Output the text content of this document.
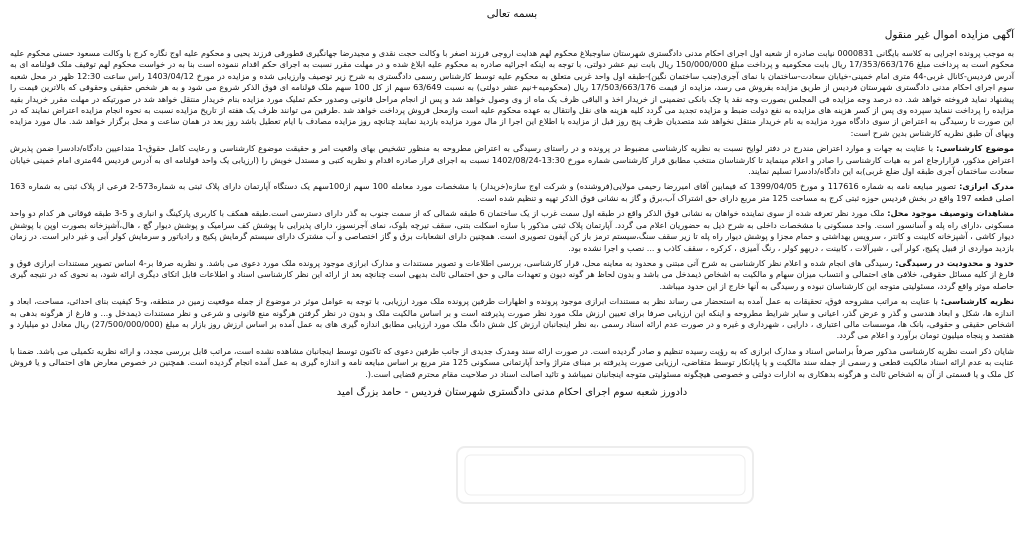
بسمه تعالی
آگهی مزایده اموال غیر منقول
به موجب پرونده اجرایی به کلاسه بایگانی 0000831 نیابت صادره از شعبه اول اجرای احکام مدنی دادگستری شهرستان ساوجبلاغ محکوم لهم هدایت اروجی فرزند اصغر با وکالت حجت نقدی و مجیدرضا جهانگیری قطورقی فرزند یحیی و محکوم علیه اوج نگاره کرج با وکالت مسعود حسنی محکوم علیه محکوم است به پرداخت مبلغ 17/353/663/176 ریال بابت محکومیه و پرداخت مبلغ 150/000/000 ریال بابت نیم عشر دولتی، با توجه به اینکه اجرائیه صادره به محکوم علیه ابلاغ شده و در مهلت مقرر نسبت به اجرای حکم اقدام ننموده است بنا به در خواست محکوم لهم توقیف ملک قولنامه ای به آدرس فردیس-کانال غربی-44 متری امام خمینی-خیابان سعادت-ساختمان با نمای آجری(جنب ساختمان نگین)-طبقه اول واحد غربی متعلق به محکوم علیه توسط کارشناس رسمی دادگستری به شرح زیر توصیف وارزیابی شده و مزایده در مورخ 1403/04/12 راس ساعت 12:30 ظهر در محل شعبه سوم اجرای احکام مدنی دادگستری شهرستان فردیس از طریق مزایده بفروش می رسد، مزایده از قیمت 17/503/663/176 ریال (محکومیه+نیم عشر دولتی) به نسبت 63/649 سهم از کل 100 سهم ملک قولنامه ای فوق الذکر شروع می شود و به هر شخص حقیقی وحقوقی که بالاترین قیمت را پیشنهاد نماید فروخته خواهد شد. ده درصد وجه مزایده فی المجلس بصورت وجه نقد یا چک بانکی تضمینی از خریدار اخذ و الباقی ظرف یک ماه از وی وصول خواهد شد و پس از انجام مراحل قانونی وصدور حکم تملیک مورد مزایده بنام خریدار منتقل خواهد شد در صورتیکه در مهلت مقرر خریدار بقیه مزایده را پرداخت ننماید سپرده وی پس از کسر هزینه های مزایده به نفع دولت ضبط و مزایده تجدید می گردد کلیه هزینه های نقل وانتقال به عهده محکوم علیه است وازمحل فروش پرداخت خواهد شد .طرفین می توانند ظرف یک هفته از تاریخ مزایده نسبت به نحوه انجام مزایده اعتراض نمایند که در این صورت تا رسیدگی به اعتراض از سوی دادگاه مورد مزایده به نام خریدار منتقل نخواهد شد متصدیان ظرف پنج روز قبل از مزایده با اطلاع این اجرا از مال مورد مزایده بازدید نمایند چنانچه روز مزایده مصادف با ایام تعطیل باشد روز بعد در همان ساعت و محل برگزار خواهد شد. مال مورد مزایده وبهای آن طبق نظریه کارشناس بدین شرح است:
موضوع کارشناسی: با عنایت به جهات و موارد اعتراض مندرج در دفتر لوایح نسبت به نظریه کارشناسی مضبوط در پرونده و در راستای رسیدگی به اعتراض مطروحه به منظور تشخیص بهای واقعیت امر و حقیقت موضوع کارشناسی و رعایت کامل حقوق-1 متداعیین دادگاه/دادسرا ضمن پذیرش اعتراض مذکور، قرارارجاع امر به هیات کارشناسی را صادر و اعلام مینماید تا کارشناسان منتخب مطابق قرار کارشناسی شماره مورخ 13:30-1402/08/24 نسبت به اجرای قرار صادره اقدام و نظریه کتبی و مستدل خویش را (ارزیابی یک واحد قولنامه ای به آدرس فردیس 44متری امام خمینی خیابان سعادت ساختمان آجری طبقه اول ضلع غربی)به این دادگاه/دادسرا تسلیم نمایند.
مدرک ابرازی: تصویر مبایعه نامه به شماره 117616 و مورخ 1399/04/05 که فیمابین آقای امیررضا رحیمی مولایی(فروشنده) و شرکت اوج سازه(خریدار) با مشخصات مورد معامله 100 سهم از100سهم یک دستگاه آپارتمان دارای پلاک ثبتی به شماره573-2 فرعی از پلاک ثبتی به شماره 163 اصلی قطعه 197 واقع در بخش فردیس حوزه ثبتی کرج به مساحت 125 متر مربع دارای حق اشتراک آب،برق و گاز به نشانی فوق الذکر تهیه و تنظیم شده است.
مشاهدات وتوصیف موجود محل: ملک مورد نظر تعرفه شده از سوی نماینده خواهان به نشانی فوق الذکر واقع در طبقه اول سمت غرب از یک ساختمان 6 طبقه شمالی که از سمت جنوب به گذر دارای دسترسی است.طبقه همکف با کاربری پارکینگ و انباری و 5-3 طبقه فوقانی هر کدام دو واحد مسکونی ،دارای راه پله و آسانسور است. واحد مسکونی با مشخصات داخلی به شرح ذیل به حضوریان اعلام می گردد. آپارتمان پلاک ثبتی مذکور با سازه اسکلت بتنی، سقف تیرچه بلوک، نمای آجرنسوز، دارای پذیرایی با پوشش کف سرامیک و پوشش دیوار گچ ، هال،آشپزخانه بصورت اوپن با پوشش دیوار کاشی ، آشپزخانه کابینت و کانتر ، سرویس بهداشتی و حمام مجزا و پوشش دیوار راه پله تا زیر سقف سنگ،سیستم ترمز باز کن آیفون تصویری است. همچنین دارای انشعابات برق و گاز اختصاصی و آب مشترک دارای سیستم گرمایش پکیج و رادیاتور و سرمایش کولر آبی و غیر دایر است. در زمان بازدید مواردی از قبیل پکیج، کولر آبی ، شیرآلات ، کابینت ، دربهو کولر ، رنگ آمیزی ، کرکره ، سقف کاذب و ... نصب و اجرا نشده بود.
حدود و محدودیت در رسیدگی: رسیدگی های انجام شده و اعلام نظر کارشناسی به شرح آتی مبتنی و محدود به معاینه محل، قرار کارشناسی، بررسی اطلاعات و تصویر مستندات و مدارک ابرازی موجود پرونده ملک مورد دعوی می باشد. و نظریه صرفا بر-4 اساس تصویر مستندات ابرازی فوق و فارغ از کلیه مسائل حقوقی، خلافی های احتمالی و انتساب میزان سهام و مالکیت به اشخاص ذیمدخل می باشد و بدون لحاظ هر گونه دیون و تعهدات مالی و حق احتمالی ثالث بدیهی است چنانچه بعد از ارائه این نظر کارشناسی اسناد و اطلاعات قابل اتکای دیگری ارائه شود، به نحوی که در نتیجه گیری حاصله موثر واقع گردد، مسئولیتی متوجه این کارشناسان نبوده و رسیدگی به آنها خارج از این حدود میباشد.
نظریه کارشناسی: با عنایت به مراتب مشروحه فوق، تحقیقات به عمل آمده به استحضار می رساند نظر به مستندات ابرازی موجود پرونده و اظهارات طرفین پرونده ملک مورد ارزیابی، با توجه به عوامل موثر در موضوع از جمله موقعیت زمین در منطقه، و-5 کیفیت بنای احداثی، مساحت، ابعاد و اندازه ها، شکل و ابعاد هندسی و گذر و عرض گذر، اعیانی و سایر شرایط مطروحه و اینکه این ارزیابی صرفا برای تعیین ارزش ملک مورد نظر صورت پذیرفته است و بر اساس مالکیت ملک و بدون در نظر گرفتن هرگونه منع قانونی و شرعی و نظر مستندات ذیمدخل و... و فارغ از هرگونه بدهی به اشخاص حقیقی و حقوقی، بانک ها، موسسات مالی اعتباری ، دارایی ، شهرداری و غیره و در صورت عدم ارائه اسناد رسمی ،به نظر اینجانبان ارزش کل شش دانگ ملک مورد ارزیابی مطابق اندازه گیری های به عمل آمده بر اساس ارزش روز بازار به مبلغ (27/500/000/000) ریال معادل دو میلیارد و هفتصد و پنجاه میلیون تومان برآورد و اعلام می گردد.
شایان ذکر است نظریه کارشناسی مذکور صرفاً براساس اسناد و مدارک ابرازی که به رؤیت رسیده تنظیم و صادر گردیده است. در صورت ارائه سند ومدرک جدیدی از جانب طرفین دعوی که تاکنون توسط اینجانبان مشاهده نشده است، مراتب قابل بررسی مجدد، و ارائه نظریه تکمیلی می باشد. ضمنا با عنایت به عدم ارائه اسناد مالکیت قطعی و رسمی از جمله سند مالکیت و یا پایانکار توسط متقاضی، ارزیابی صورت پذیرفته بر مبنای متراژ واحد آپارتمانی مسکونی 125 متر مربع بر اساس مبایعه نامه و اندازه گیری به عمل آمده انجام گردیده است. همچنین در خصوص معارض های احتمالی و یا فروش کل ملک و یا قسمتی از آن به اشخاص ثالث و هرگونه بدهکاری به ادارات دولتی و خصوصی هیچگونه مسئولیتی متوجه اینجانبان نمیباشد و تائید اصالت اسناد در صلاحیت مقام محترم قضایی است.(.
دادورز شعبه سوم اجرای احکام مدنی دادگستری شهرستان فردیس - حامد بزرگ امید
